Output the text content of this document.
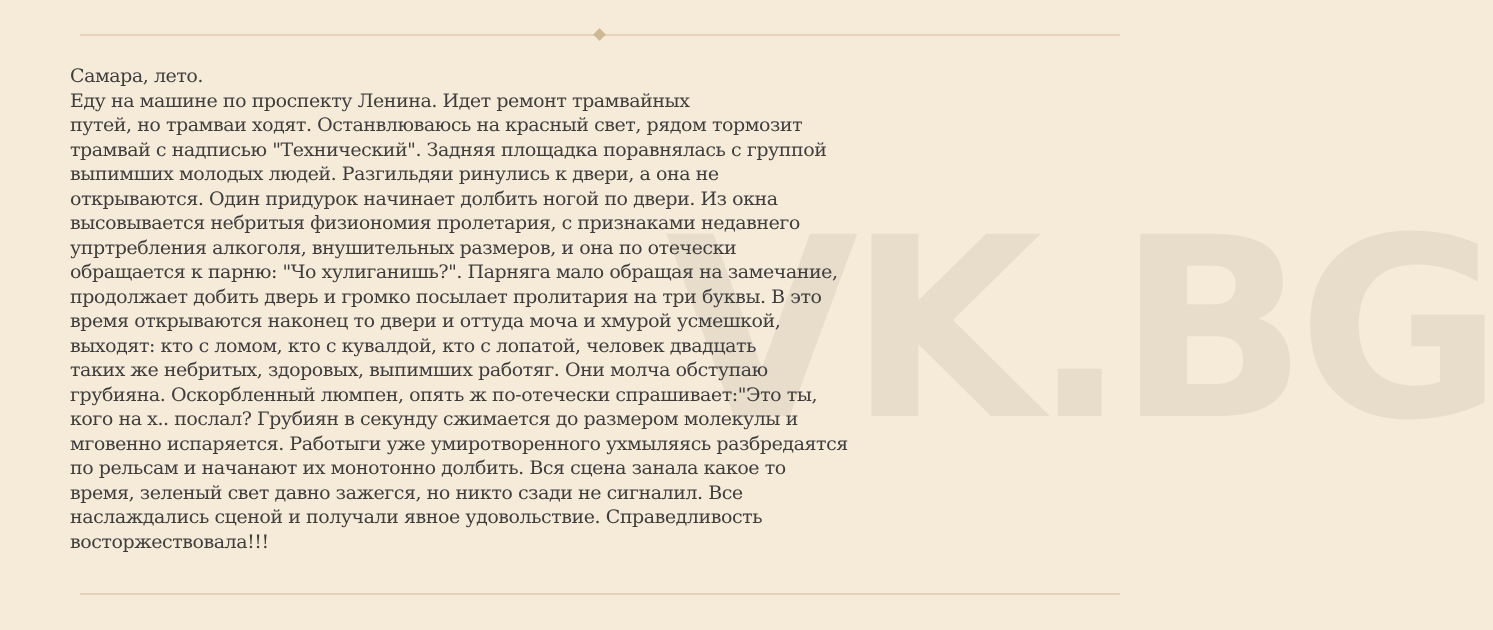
VK.BG
Самара, лето.
Еду на машине по проспекту Ленина. Идет ремонт трамвайных
путей, но трамваи ходят. Останвлюваюсь на красный свет, рядом тормозит
трамвай с надписью "Технический". Задняя площадка поравнялась с группой
выпимших молодых людей. Разгильдяи ринулись к двери, а она не
открываются. Один придурок начинает долбить ногой по двери. Из окна
высовывается небритыя физиономия пролетария, с признаками недавнего
упртребления алкоголя, внушительных размеров, и она по отечески
обращается к парню: "Чо хулиганишь?". Парняга мало обращая на замечание,
продолжает добить дверь и громко посылает пролитария на три буквы. В это
время открываются наконец то двери и оттуда моча и хмурой усмешкой,
выходят: кто с ломом, кто с кувалдой, кто с лопатой, человек двадцать
таких же небритых, здоровых, выпимших работяг. Они молча обступаю
грубияна. Оскорбленный люмпен, опять ж по-отечески спрашивает:"Это ты,
кого на х.. послал? Грубиян в секунду сжимается до размером молекулы и
мговенно испаряется. Работыги уже умиротворенного ухмыляясь разбредаятся
по рельсам и начанают их монотонно долбить. Вся сцена занала какое то
время, зеленый свет давно зажегся, но никто сзади не сигналил. Все
наслаждались сценой и получали явное удовольствие. Справедливость
восторжествовала!!!
